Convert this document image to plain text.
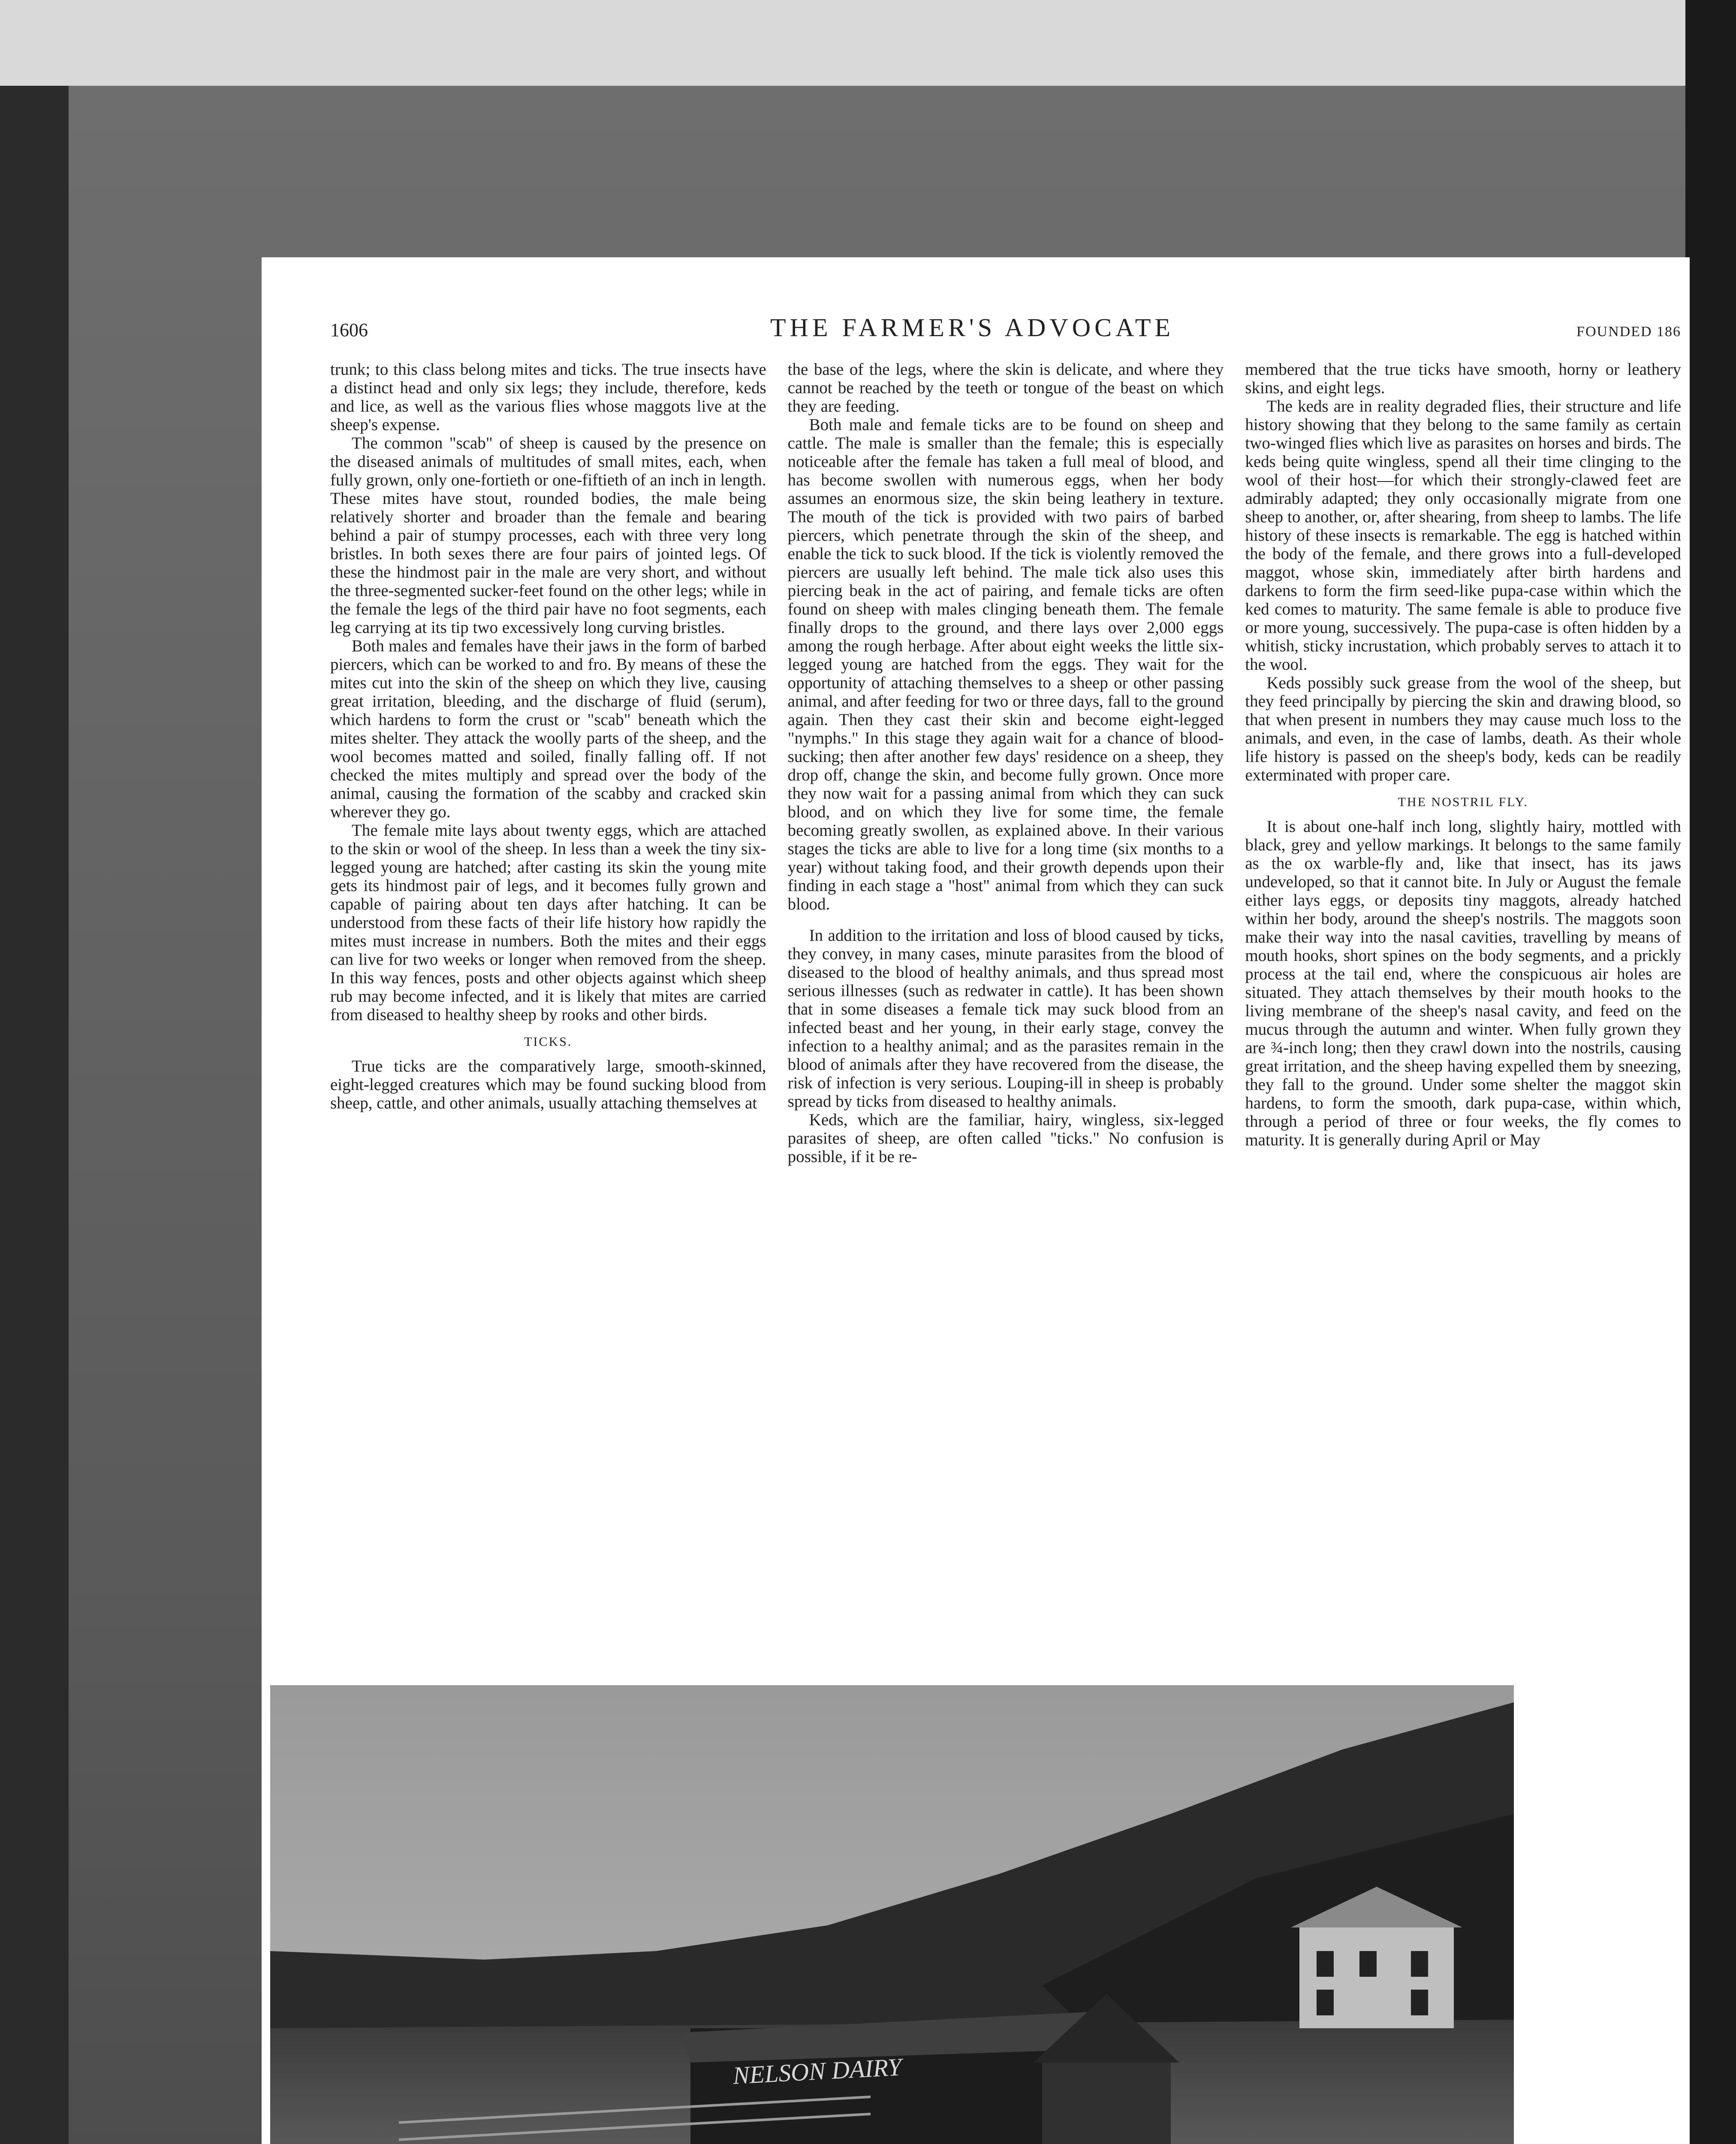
1606	THE FARMER'S ADVOCATE	FOUNDED 186

trunk; to this class belong mites and ticks. The true insects have a distinct head and only six legs; they include, therefore, keds and lice, as well as the various flies whose maggots live at the sheep's expense.

The common "scab" of sheep is caused by the presence on the diseased animals of multitudes of small mites, each, when fully grown, only one-fortieth or one-fiftieth of an inch in length. These mites have stout, rounded bodies, the male being relatively shorter and broader than the female and bearing behind a pair of stumpy processes, each with three very long bristles. In both sexes there are four pairs of jointed legs. Of these the hindmost pair in the male are very short, and without the three-segmented sucker-feet found on the other legs; while in the female the legs of the third pair have no foot segments, each leg carrying at its tip two excessively long curving bristles.

Both males and females have their jaws in the form of barbed piercers, which can be worked to and fro. By means of these the mites cut into the skin of the sheep on which they live, causing great irritation, bleeding, and the discharge of fluid (serum), which hardens to form the crust or "scab" beneath which the mites shelter. They attack the woolly parts of the sheep, and the wool becomes matted and soiled, finally falling off. If not checked the mites multiply and spread over the body of the animal, causing the formation of the scabby and cracked skin wherever they go.

The female mite lays about twenty eggs, which are attached to the skin or wool of the sheep. In less than a week the tiny six-legged young are hatched; after casting its skin the young mite gets its hindmost pair of legs, and it becomes fully grown and capable of pairing about ten days after hatching. It can be understood from these facts of their life history how rapidly the mites must increase in numbers. Both the mites and their eggs can live for two weeks or longer when removed from the sheep. In this way fences, posts and other objects against which sheep rub may become infected, and it is likely that mites are carried from diseased to healthy sheep by rooks and other birds.

TICKS.

True ticks are the comparatively large, smooth-skinned, eight-legged creatures which may be found sucking blood from sheep, cattle, and other animals, usually attaching themselves at

the base of the legs, where the skin is delicate, and where they cannot be reached by the teeth or tongue of the beast on which they are feeding.

Both male and female ticks are to be found on sheep and cattle. The male is smaller than the female; this is especially noticeable after the female has taken a full meal of blood, and has become swollen with numerous eggs, when her body assumes an enormous size, the skin being leathery in texture. The mouth of the tick is provided with two pairs of barbed piercers, which penetrate through the skin of the sheep, and enable the tick to suck blood. If the tick is violently removed the piercers are usually left behind. The male tick also uses this piercing beak in the act of pairing, and female ticks are often found on sheep with males clinging beneath them. The female finally drops to the ground, and there lays over 2,000 eggs among the rough herbage. After about eight weeks the little six-legged young are hatched from the eggs. They wait for the opportunity of attaching themselves to a sheep or other passing animal, and after feeding for two or three days, fall to the ground again. Then they cast their skin and become eight-legged "nymphs." In this stage they again wait for a chance of blood-sucking; then after another few days' residence on a sheep, they drop off, change the skin, and become fully grown. Once more they now wait for a passing animal from which they can suck blood, and on which they live for some time, the female becoming greatly swollen, as explained above. In their various stages the ticks are able to live for a long time (six months to a year) without taking food, and their growth depends upon their finding in each stage a "host" animal from which they can suck blood.

In addition to the irritation and loss of blood caused by ticks, they convey, in many cases, minute parasites from the blood of diseased to the blood of healthy animals, and thus spread most serious illnesses (such as redwater in cattle). It has been shown that in some diseases a female tick may suck blood from an infected beast and her young, in their early stage, convey the infection to a healthy animal; and as the parasites remain in the blood of animals after they have recovered from the disease, the risk of infection is very serious. Louping-ill in sheep is probably spread by ticks from diseased to healthy animals.

Keds, which are the familiar, hairy, wingless, six-legged parasites of sheep, are often called "ticks." No confusion is possible, if it be re-

membered that the true ticks have smooth, horny or leathery skins, and eight legs.

The keds are in reality degraded flies, their structure and life history showing that they belong to the same family as certain two-winged flies which live as parasites on horses and birds. The keds being quite wingless, spend all their time clinging to the wool of their host—for which their strongly-clawed feet are admirably adapted; they only occasionally migrate from one sheep to another, or, after shearing, from sheep to lambs. The life history of these insects is remarkable. The egg is hatched within the body of the female, and there grows into a full-developed maggot, whose skin, immediately after birth hardens and darkens to form the firm seed-like pupa-case within which the ked comes to maturity. The same female is able to produce five or more young, successively. The pupa-case is often hidden by a whitish, sticky incrustation, which probably serves to attach it to the wool.

Keds possibly suck grease from the wool of the sheep, but they feed principally by piercing the skin and drawing blood, so that when present in numbers they may cause much loss to the animals, and even, in the case of lambs, death. As their whole life history is passed on the sheep's body, keds can be readily exterminated with proper care.

THE NOSTRIL FLY.

It is about one-half inch long, slightly hairy, mottled with black, grey and yellow markings. It belongs to the same family as the ox warble-fly and, like that insect, has its jaws undeveloped, so that it cannot bite. In July or August the female either lays eggs, or deposits tiny maggots, already hatched within her body, around the sheep's nostrils. The maggots soon make their way into the nasal cavities, travelling by means of mouth hooks, short spines on the body segments, and a prickly process at the tail end, where the conspicuous air holes are situated. They attach themselves by their mouth hooks to the living membrane of the sheep's nasal cavity, and feed on the mucus through the autumn and winter. When fully grown they are ¾-inch long; then they crawl down into the nostrils, causing great irritation, and the sheep having expelled them by sneezing, they fall to the ground. Under some shelter the maggot skin hardens, to form the smooth, dark pupa-case, within which, through a period of three or four weeks, the fly comes to maturity. It is generally during April or May

NELSON DAIRY
